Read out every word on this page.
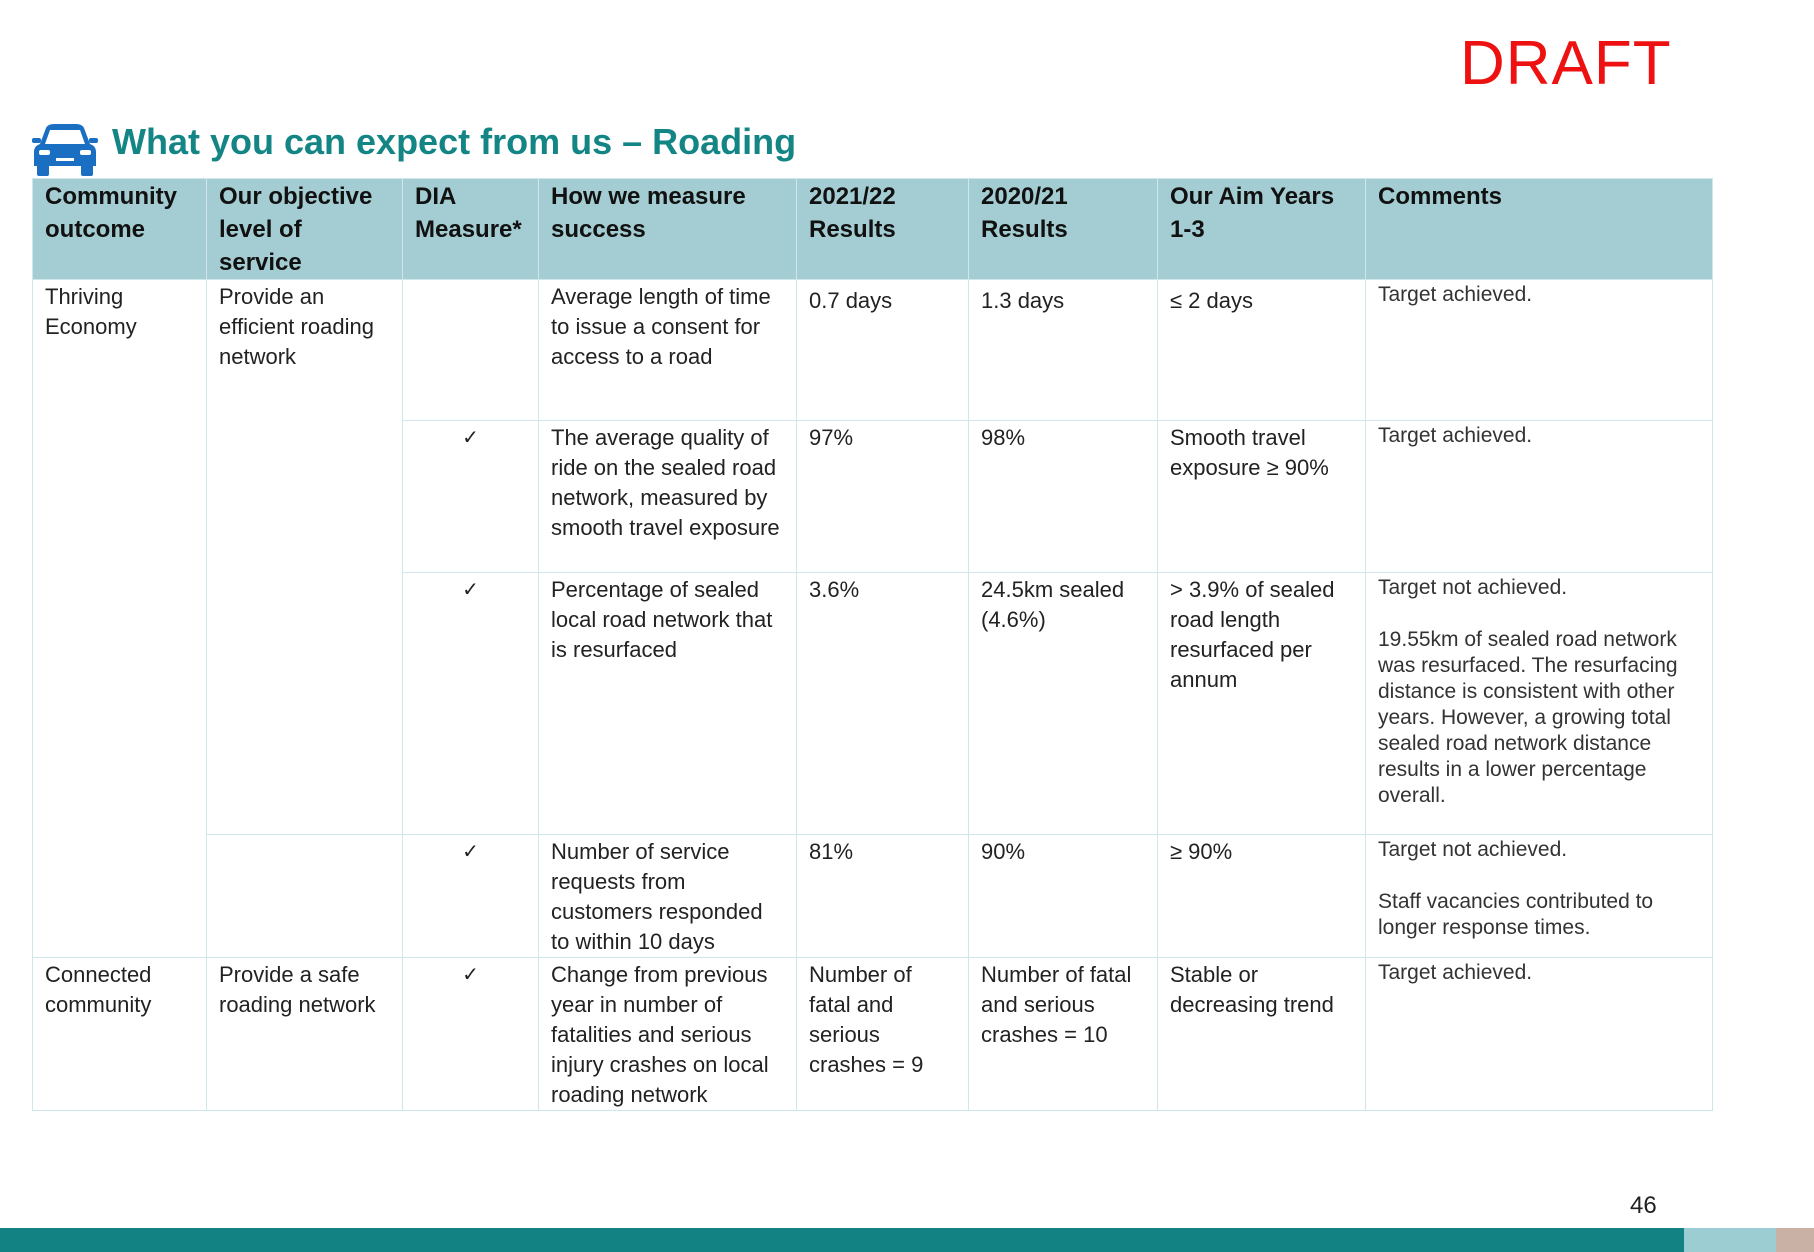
DRAFT
What you can expect from us – Roading
Community outcome	Our objective level of service	DIA Measure*	How we measure success	2021/22 Results	2020/21 Results	Our Aim Years 1-3	Comments
Thriving Economy	Provide an efficient roading network		Average length of time to issue a consent for access to a road	0.7 days	1.3 days	≤ 2 days	Target achieved.

		✓	The average quality of ride on the sealed road network, measured by smooth travel exposure	97%	98%	Smooth travel exposure ≥ 90%	Target achieved.

		✓	Percentage of sealed local road network that is resurfaced	3.6%	24.5km sealed (4.6%)	> 3.9% of sealed road length resurfaced per annum	Target not achieved.
19.55km of sealed road network was resurfaced. The resurfacing distance is consistent with other years. However, a growing total sealed road network distance results in a lower percentage overall.

		✓	Number of service requests from customers responded to within 10 days	81%	90%	≥ 90%	Target not achieved.
Staff vacancies contributed to longer response times.

Connected community	Provide a safe roading network	✓	Change from previous year in number of fatalities and serious injury crashes on local roading network	Number of fatal and serious crashes = 9	Number of fatal and serious crashes = 10	Stable or decreasing trend	Target achieved.
46
